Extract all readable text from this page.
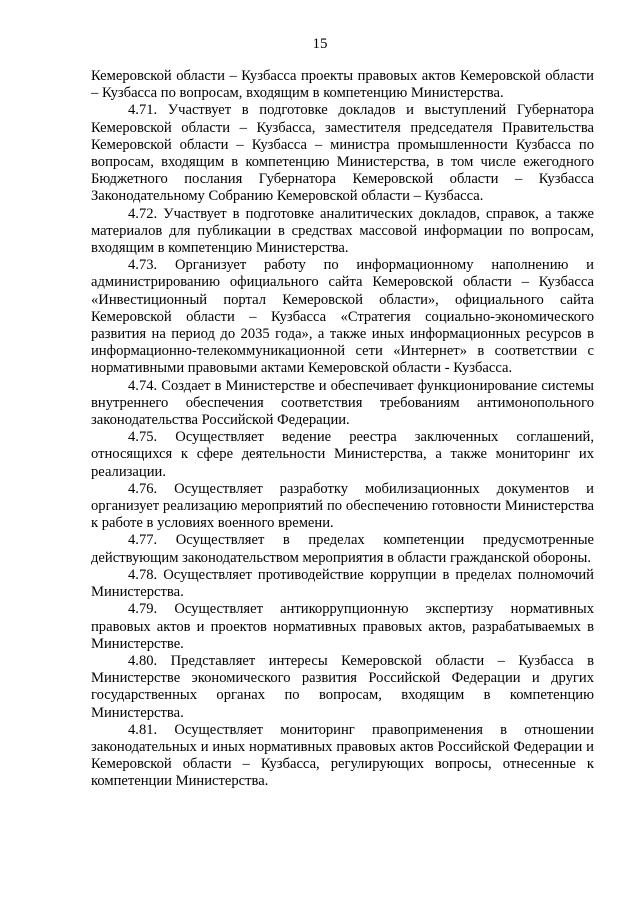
15

Кемеровской области – Кузбасса проекты правовых актов Кемеровской области – Кузбасса по вопросам, входящим в компетенцию Министерства.

4.71. Участвует в подготовке докладов и выступлений Губернатора Кемеровской области – Кузбасса, заместителя председателя Правительства Кемеровской области – Кузбасса – министра промышленности Кузбасса по вопросам, входящим в компетенцию Министерства, в том числе ежегодного Бюджетного послания Губернатора Кемеровской области – Кузбасса Законодательному Собранию Кемеровской области – Кузбасса.

4.72. Участвует в подготовке аналитических докладов, справок, а также материалов для публикации в средствах массовой информации по вопросам, входящим в компетенцию Министерства.

4.73. Организует работу по информационному наполнению и администрированию официального сайта Кемеровской области – Кузбасса «Инвестиционный портал Кемеровской области», официального сайта Кемеровской области – Кузбасса «Стратегия социально-экономического развития на период до 2035 года», а также иных информационных ресурсов в информационно-телекоммуникационной сети «Интернет» в соответствии с нормативными правовыми актами Кемеровской области - Кузбасса.

4.74. Создает в Министерстве и обеспечивает функционирование системы внутреннего обеспечения соответствия требованиям антимонопольного законодательства Российской Федерации.

4.75. Осуществляет ведение реестра заключенных соглашений, относящихся к сфере деятельности Министерства, а также мониторинг их реализации.

4.76. Осуществляет разработку мобилизационных документов и организует реализацию мероприятий по обеспечению готовности Министерства к работе в условиях военного времени.

4.77. Осуществляет в пределах компетенции предусмотренные действующим законодательством мероприятия в области гражданской обороны.

4.78. Осуществляет противодействие коррупции в пределах полномочий Министерства.

4.79. Осуществляет антикоррупционную экспертизу нормативных правовых актов и проектов нормативных правовых актов, разрабатываемых в Министерстве.

4.80. Представляет интересы Кемеровской области – Кузбасса в Министерстве экономического развития Российской Федерации и других государственных органах по вопросам, входящим в компетенцию Министерства.

4.81. Осуществляет мониторинг правоприменения в отношении законодательных и иных нормативных правовых актов Российской Федерации и Кемеровской области – Кузбасса, регулирующих вопросы, отнесенные к компетенции Министерства.
